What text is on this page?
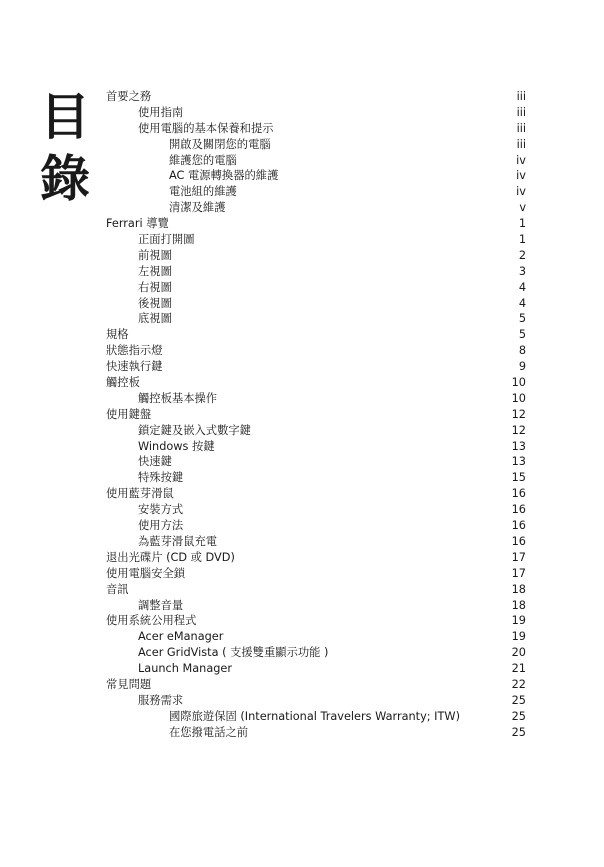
目
錄
首要之務	iii
使用指南	iii
使用電腦的基本保養和提示	iii
開啟及關閉您的電腦	iii
維護您的電腦	iv
AC 電源轉換器的維護	iv
電池組的維護	iv
清潔及維護	v
Ferrari 導覽	1
正面打開圖	1
前視圖	2
左視圖	3
右視圖	4
後視圖	4
底視圖	5
規格	5
狀態指示燈	8
快速執行鍵	9
觸控板	10
觸控板基本操作	10
使用鍵盤	12
鎖定鍵及嵌入式數字鍵	12
Windows 按鍵	13
快速鍵	13
特殊按鍵	15
使用藍芽滑鼠	16
安裝方式	16
使用方法	16
為藍芽滑鼠充電	16
退出光碟片 (CD 或 DVD)	17
使用電腦安全鎖	17
音訊	18
調整音量	18
使用系統公用程式	19
Acer eManager	19
Acer GridVista ( 支援雙重顯示功能 )	20
Launch Manager	21
常見問題	22
服務需求	25
國際旅遊保固 (International Travelers Warranty; ITW)	25
在您撥電話之前	25
